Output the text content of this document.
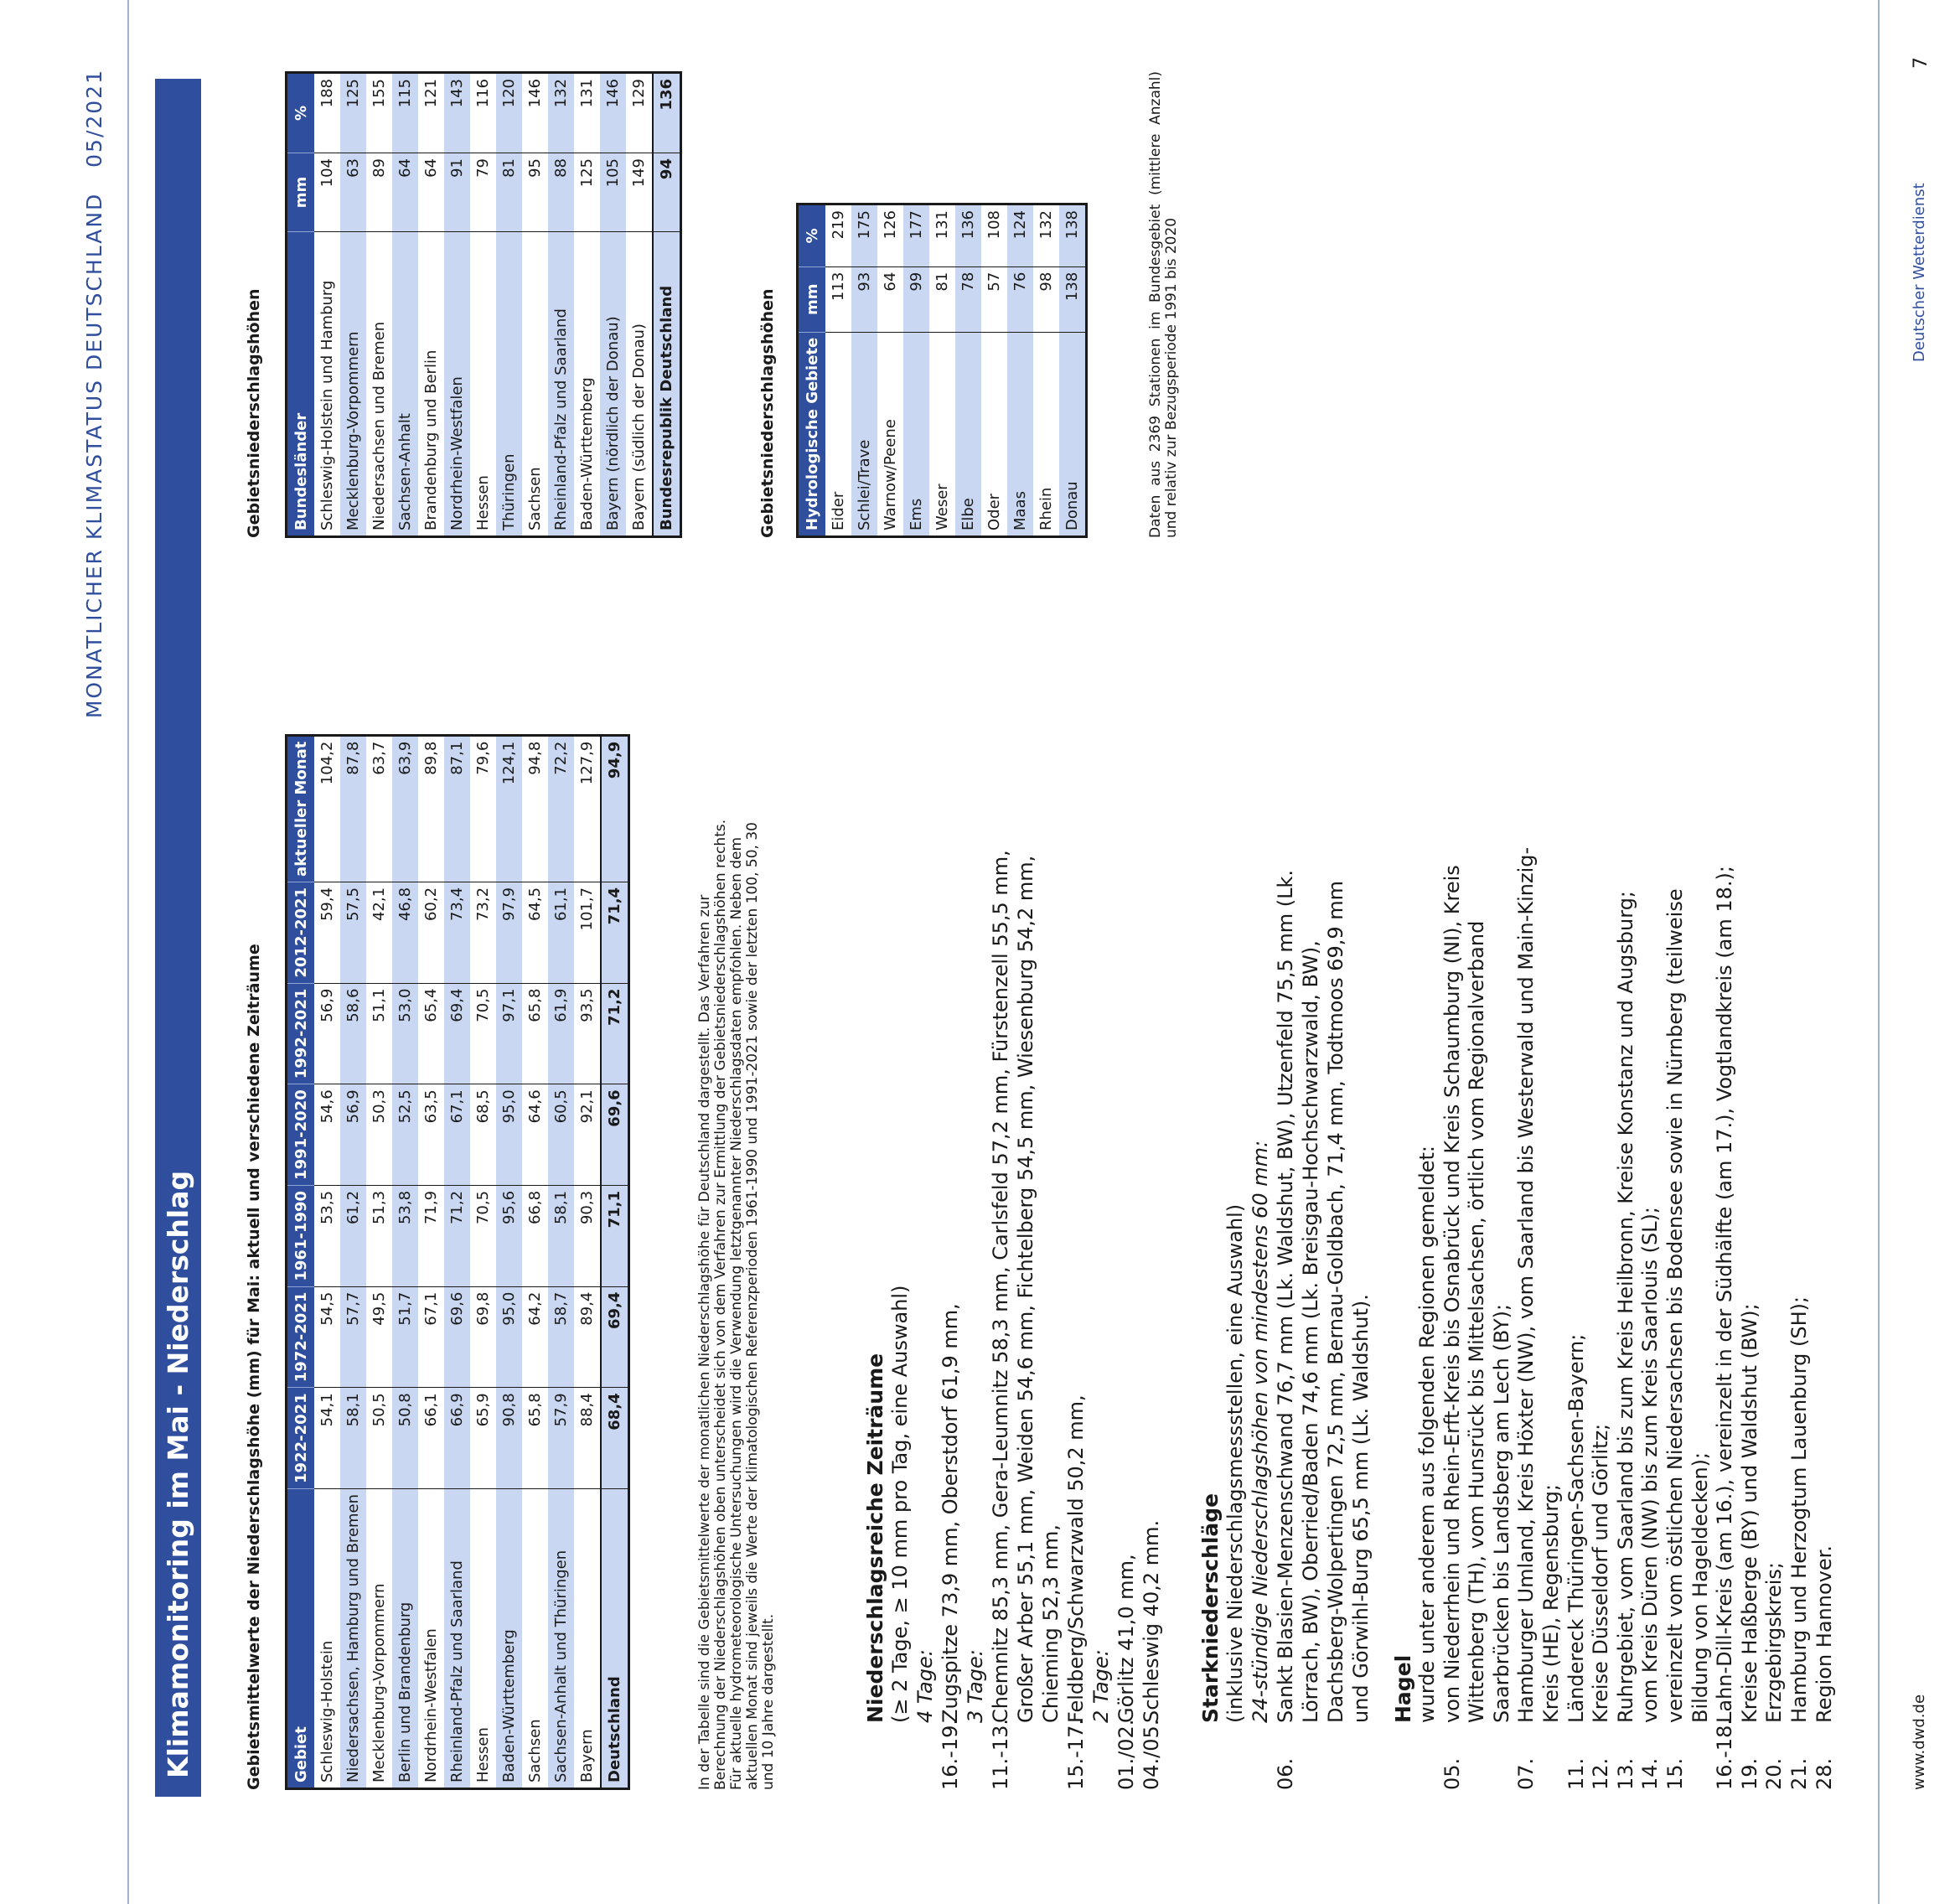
MONATLICHER KLIMASTATUS DEUTSCHLAND   05/2021
Klimamonitoring im Mai - Niederschlag	Gebietsmittelwerte der Niederschlagshöhe (mm) für Mai: aktuell und verschiedene Zeiträume Gebiet	1922-2021	1972-2021	1961-1990	1991-2020	1992-2021	2012-2021	aktueller Monat
Schleswig-Holstein	54,1	54,5	53,5	54,6	56,9	59,4	104,2
Niedersachsen, Hamburg und Bremen	58,1	57,7	61,2	56,9	58,6	57,5	87,8
Mecklenburg-Vorpommern	50,5	49,5	51,3	50,3	51,1	42,1	63,7
Berlin und Brandenburg	50,8	51,7	53,8	52,5	53,0	46,8	63,9
Nordrhein-Westfalen	66,1	67,1	71,9	63,5	65,4	60,2	89,8
Rheinland-Pfalz und Saarland	66,9	69,6	71,2	67,1	69,4	73,4	87,1
Hessen	65,9	69,8	70,5	68,5	70,5	73,2	79,6
Baden-Württemberg	90,8	95,0	95,6	95,0	97,1	97,9	124,1
Sachsen	65,8	64,2	66,8	64,6	65,8	64,5	94,8
Sachsen-Anhalt und Thüringen	57,9	58,7	58,1	60,5	61,9	61,1	72,2
Bayern	88,4	89,4	90,3	92,1	93,5	101,7	127,9
Deutschland	68,4	69,4	71,1	69,6	71,2	71,4	94,9
In der Tabelle sind die Gebietsmittelwerte der monatlichen Niederschlagshöhe für Deutschland dargestellt. Das Verfahren zur Berechnung der Niederschlagshöhen oben unterscheidet sich von dem Verfahren zur Ermittlung der Gebietsniederschlagshöhen rechts. Für aktuelle hydrometeorologische Untersuchungen wird die Verwendung letztgenannter Niederschlagsdaten empfohlen. Neben dem aktuellen Monat sind jeweils die Werte der klimatologischen Referenzperioden 1961-1990 und 1991-2021 sowie der letzten 100, 50, 30 und 10 Jahre dargestellt.
Gebietsniederschlagshöhen Bundesländer	mm	%
Schleswig-Holstein und Hamburg	104	188
Mecklenburg-Vorpommern	63	125
Niedersachsen und Bremen	89	155
Sachsen-Anhalt	64	115
Brandenburg und Berlin	64	121
Nordrhein-Westfalen	91	143
Hessen	79	116
Thüringen	81	120
Sachsen	95	146
Rheinland-Pfalz und Saarland	88	132
Baden-Württemberg	125	131
Bayern (nördlich der Donau)	105	146
Bayern (südlich der Donau)	149	129
Bundesrepublik Deutschland	94	136
Gebietsniederschlagshöhen Hydrologische Gebiete	mm	%
Eider	113	219
Schlei/Trave	93	175
Warnow/Peene	64	126
Ems	99	177
Weser	81	131
Elbe	78	136
Oder	57	108
Maas	76	124
Rhein	98	132
Donau	138	138	Daten aus 2369 Stationen im Bundesgebiet (mittlere Anzahl) und relativ zur Bezugsperiode 1991 bis 2020
Niederschlagsreiche Zeiträume (≥ 2 Tage, ≥ 10 mm pro Tag, eine Auswahl) 4 Tage:
16.-19.
Zugspitze 73,9 mm, Oberstdorf 61,9 mm, 3 Tage:
11.-13.
Chemnitz 85,3 mm, Gera-Leumnitz 58,3 mm, Carlsfeld 57,2 mm, Fürstenzell 55,5 mm, Großer Arber 55,1 mm, Weiden 54,6 mm, Fichtelberg 54,5 mm, Wiesenburg 54,2 mm, Chieming 52,3 mm,
15.-17.
Feldberg/Schwarzwald 50,2 mm, 2 Tage:
01./02.
Görlitz 41,0 mm,
04./05.
Schleswig 40,2 mm. Starkniederschläge (inklusive Niederschlagsmessstellen, eine Auswahl) 24-stündige Niederschlagshöhen von mindestens 60 mm:
06.
Sankt Blasien-Menzenschwand 76,7 mm (Lk. Waldshut, BW), Utzenfeld 75,5 mm (Lk. Lörrach, BW), Oberried/Baden 74,6 mm (Lk. Breisgau-Hochschwarzwald, BW), Dachsberg-Wolpertingen 72,5 mm, Bernau-Goldbach, 71,4 mm, Todtmoos 69,9 mm und Görwihl-Burg 65,5 mm (Lk. Waldshut). Hagel wurde unter anderem aus folgenden Regionen gemeldet:
05.
von Niederrhein und Rhein-Erft-Kreis bis Osnabrück und Kreis Schaumburg (NI), Kreis Wittenberg (TH), vom Hunsrück bis Mittelsachsen, örtlich vom Regionalverband Saarbrücken bis Landsberg am Lech (BY);
07.
Hamburger Umland, Kreis Höxter (NW), vom Saarland bis Westerwald und Main-Kinzig-Kreis (HE), Regensburg;
11.
Ländereck Thüringen-Sachsen-Bayern;
12.
Kreise Düsseldorf und Görlitz;
13.
Ruhrgebiet, vom Saarland bis zum Kreis Heilbronn, Kreise Konstanz und Augsburg;
14.
vom Kreis Düren (NW) bis zum Kreis Saarlouis (SL);
15.
vereinzelt vom östlichen Niedersachsen bis Bodensee sowie in Nürnberg (teilweise Bildung von Hageldecken);
16.-18.
Lahn-Dill-Kreis (am 16.), vereinzelt in der Südhälfte (am 17.), Vogtlandkreis (am 18.);
19.
Kreise Haßberge (BY) und Waldshut (BW);
20.
Erzgebirgskreis;
21.
Hamburg und Herzogtum Lauenburg (SH);
28.
Region Hannover.
www.dwd.de
Deutscher Wetterdienst
7
